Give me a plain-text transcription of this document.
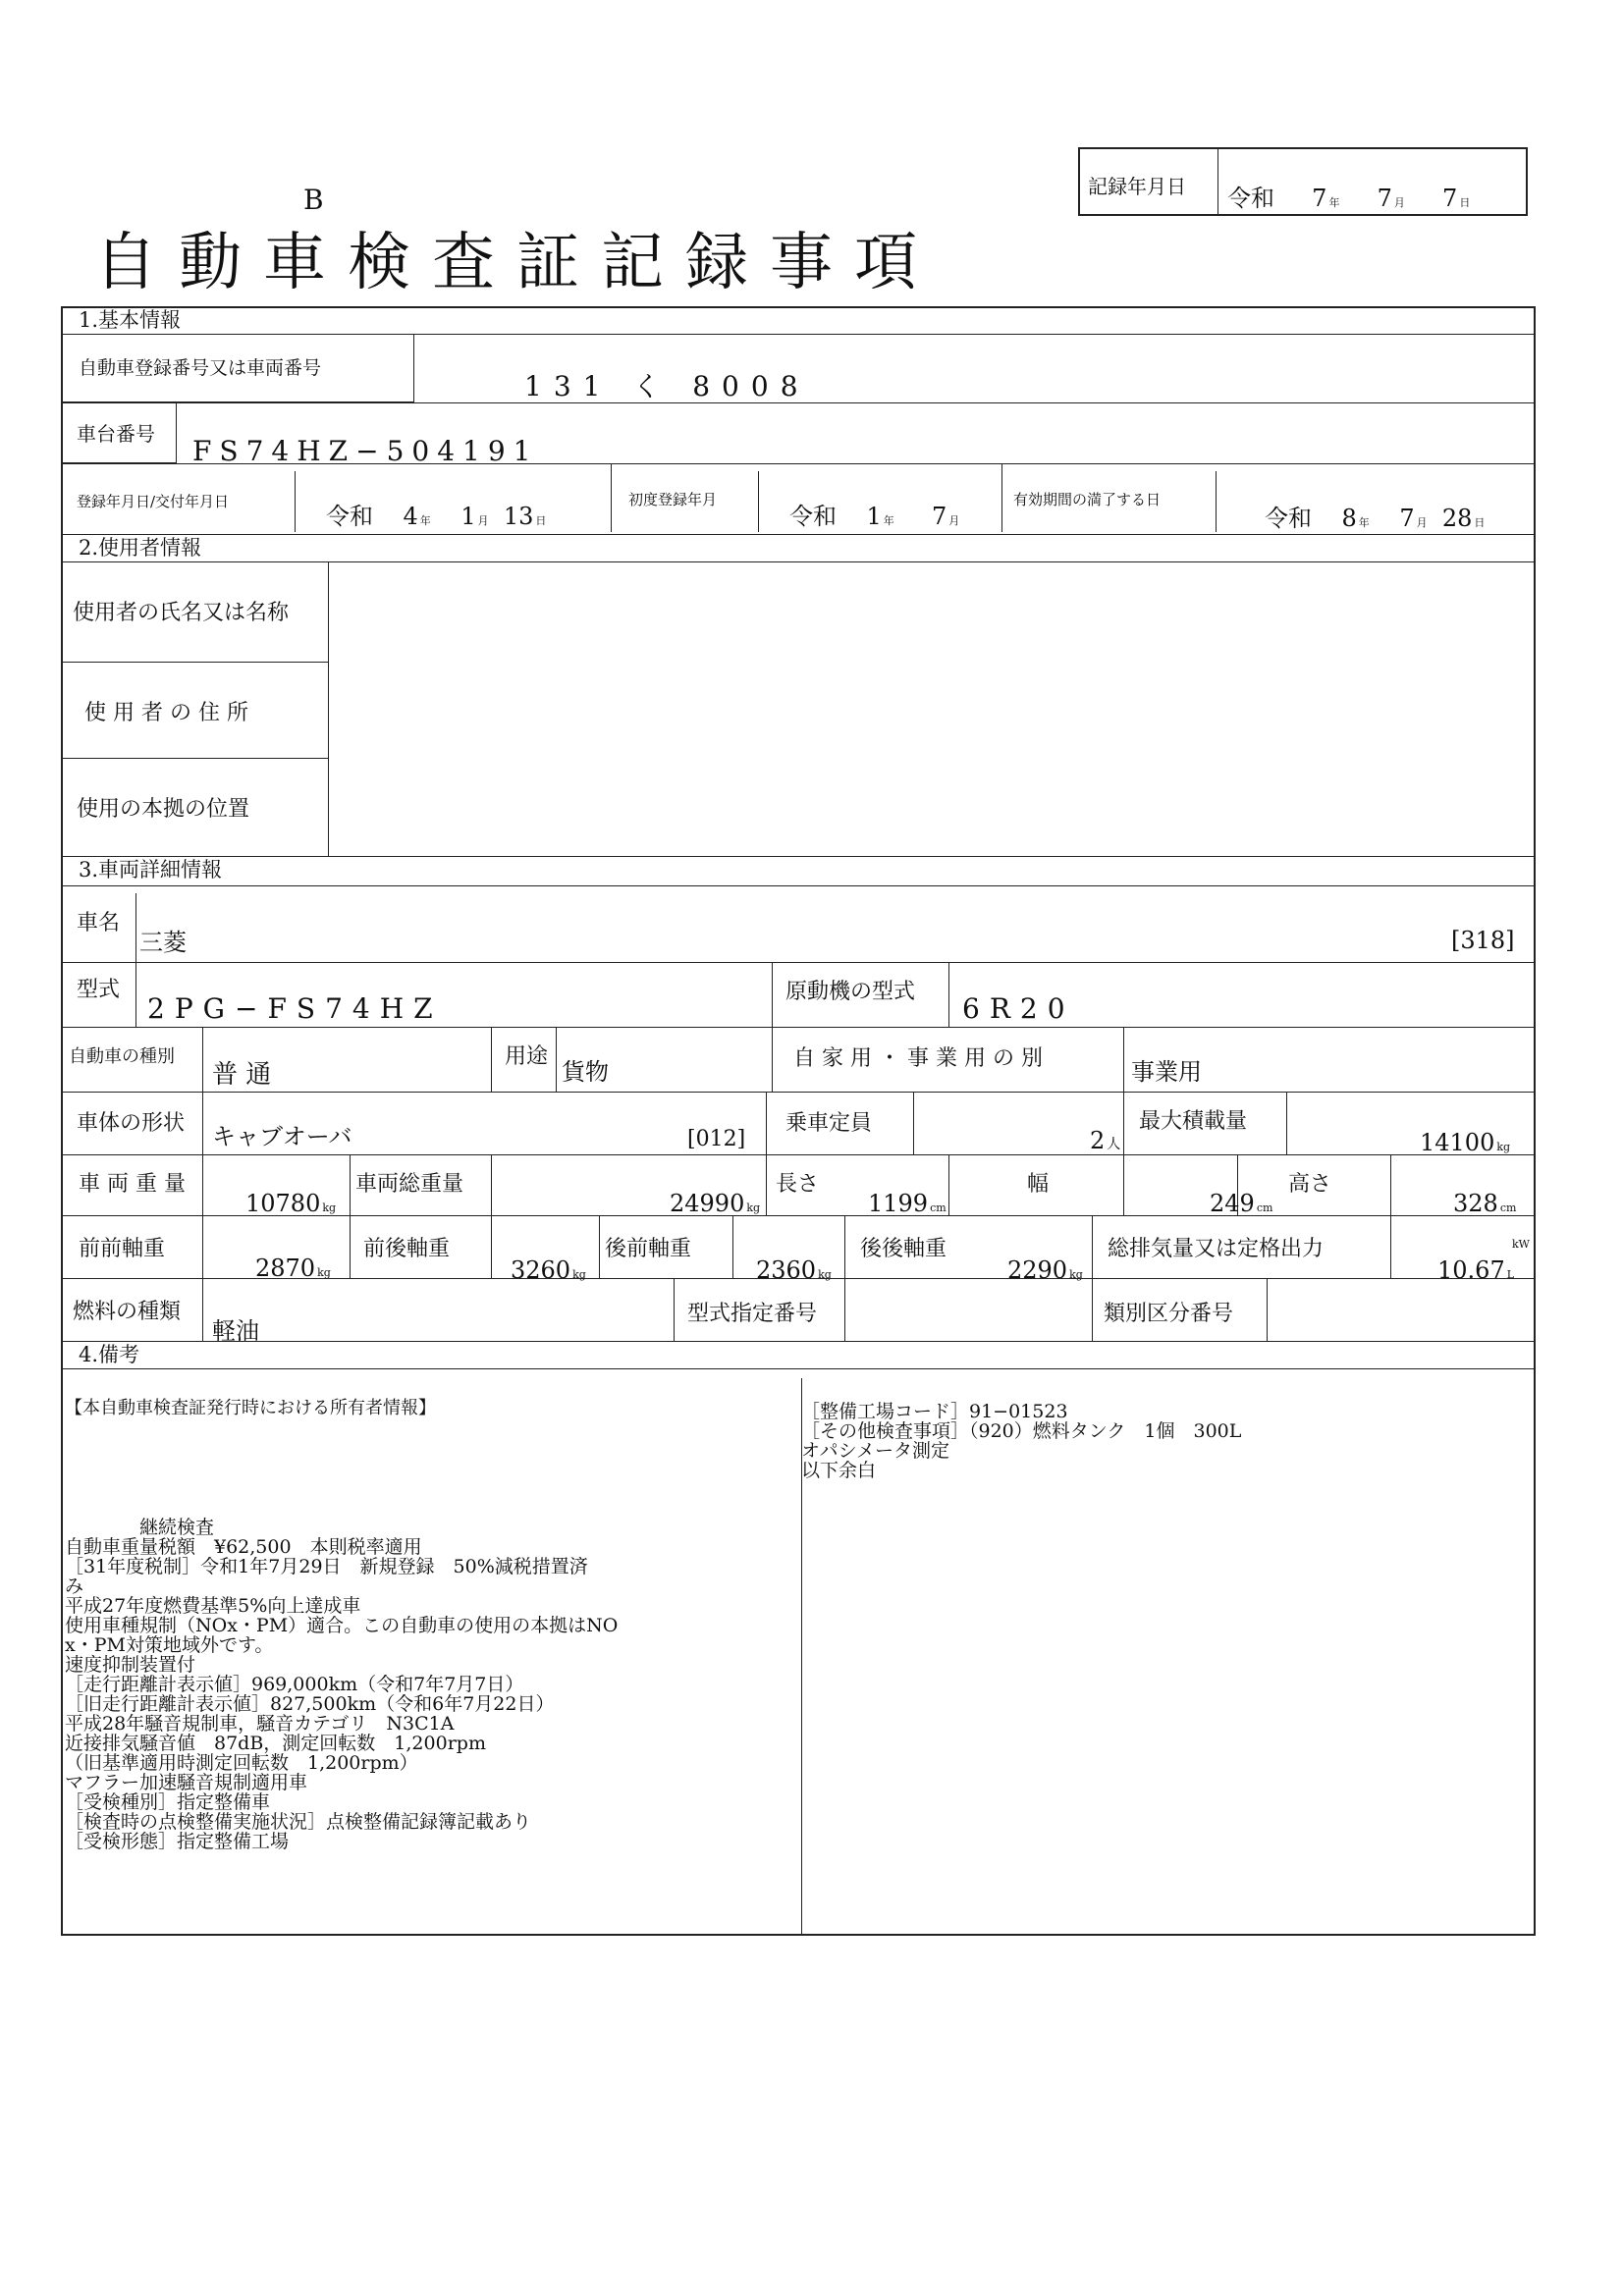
B
自動車検査証記録事項
記録年月日 令和 7 年 7 月 7 日
1.基本情報
自動車登録番号又は車両番号
131 く 8008
車台番号
FS74HZ−504191
登録年月日/交付年月日
令和 4 年 1 月 13 日
初度登録年月
令和 1 年 7 月
有効期間の満了する日
令和 8 年 7 月 28 日
2.使用者情報
使用者の氏名又は名称
使 用 者 の 住 所
使用の本拠の位置
3.車両詳細情報
車名
三菱	[318]
型式
2PG−FS74HZ
原動機の型式
6R20
自動車の種別
普 通
用途
貨物	自 家 用 ・ 事 業 用 の 別	事業用
車体の形状 キャブオーバ	[012]
乗車定員
2 人
最大積載量
14100 kg
車 両 重 量
10780 kg
車両総重量
24990 kg
長さ
1199 cm
幅
249 cm
高さ
328 cm
前前軸重
2870 kg
前後軸重
3260 kg
後前軸重
2360 kg
後後軸重
2290 kg
総排気量又は定格出力	kW
10.67 L
燃料の種類
軽油
型式指定番号	類別区分番号
4.備考
【本自動車検査証発行時における所有者情報】
　　　　継続検査
自動車重量税額　¥62,500　本則税率適用
［31年度税制］令和1年7月29日　新規登録　50%減税措置済
み
平成27年度燃費基準5%向上達成車
使用車種規制（NOx・PM）適合。この自動車の使用の本拠はNO
x・PM対策地域外です。
速度抑制装置付
［走行距離計表示値］969,000km（令和7年7月7日）
［旧走行距離計表示値］827,500km（令和6年7月22日）
平成28年騒音規制車，騒音カテゴリ　N3C1A
近接排気騒音値　87dB，測定回転数　1,200rpm
（旧基準適用時測定回転数　1,200rpm）
マフラー加速騒音規制適用車
［受検種別］指定整備車
［検査時の点検整備実施状況］点検整備記録簿記載あり
［受検形態］指定整備工場
［整備工場コード］91−01523
［その他検査事項］（920）燃料タンク　1個　300L
オパシメータ測定
以下余白
